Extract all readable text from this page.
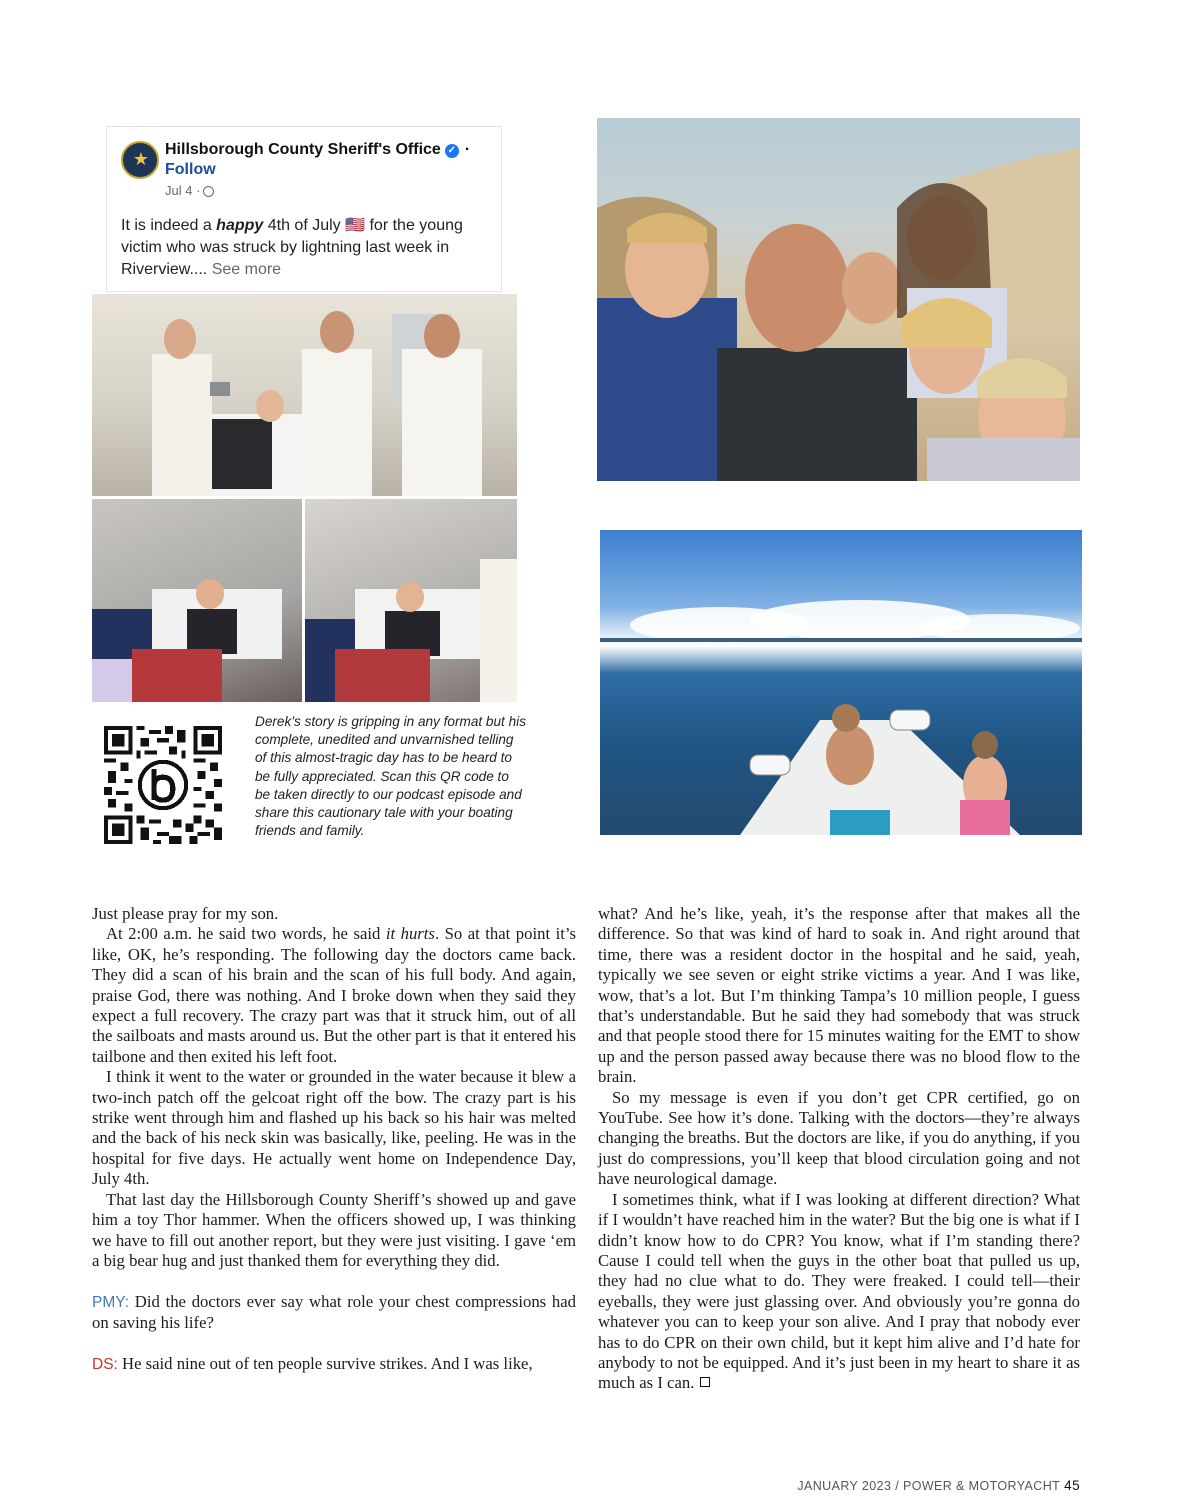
★ Hillsborough County Sheriff's Office ✓ ·
Follow
Jul 4 ·
It is indeed a happy 4th of July 🇺🇸 for the young victim who was struck by lightning last week in Riverview.... See more
Derek’s story is gripping in any format but his complete, unedited and unvarnished telling of this almost-tragic day has to be heard to be fully appreciated. Scan this QR code to be taken directly to our podcast episode and share this cautionary tale with your boating friends and family.

Just please pray for my son.

At 2:00 a.m. he said two words, he said it hurts. So at that point it’s like, OK, he’s responding. The following day the doctors came back. They did a scan of his brain and the scan of his full body. And again, praise God, there was nothing. And I broke down when they said they expect a full recovery. The crazy part was that it struck him, out of all the sailboats and masts around us. But the other part is that it entered his tailbone and then exited his left foot.

I think it went to the water or grounded in the water because it blew a two-inch patch off the gelcoat right off the bow. The crazy part is his strike went through him and flashed up his back so his hair was melted and the back of his neck skin was basically, like, peeling. He was in the hospital for five days. He actually went home on Independence Day, July 4th.

That last day the Hillsborough County Sheriff’s showed up and gave him a toy Thor hammer. When the officers showed up, I was thinking we have to fill out another report, but they were just visiting. I gave ‘em a big bear hug and just thanked them for everything they did.

PMY: Did the doctors ever say what role your chest compressions had on saving his life?

DS: He said nine out of ten people survive strikes. And I was like,

what? And he’s like, yeah, it’s the response after that makes all the difference. So that was kind of hard to soak in. And right around that time, there was a resident doctor in the hospital and he said, yeah, typically we see seven or eight strike victims a year. And I was like, wow, that’s a lot. But I’m thinking Tampa’s 10 million people, I guess that’s understandable. But he said they had somebody that was struck and that people stood there for 15 minutes waiting for the EMT to show up and the person passed away because there was no blood flow to the brain.

So my message is even if you don’t get CPR certified, go on YouTube. See how it’s done. Talking with the doctors—they’re always changing the breaths. But the doctors are like, if you do anything, if you just do compressions, you’ll keep that blood circulation going and not have neurological damage.

I sometimes think, what if I was looking at different direction? What if I wouldn’t have reached him in the water? But the big one is what if I didn’t know how to do CPR? You know, what if I’m standing there? Cause I could tell when the guys in the other boat that pulled us up, they had no clue what to do. They were freaked. I could tell—their eyeballs, they were just glassing over. And obviously you’re gonna do whatever you can to keep your son alive. And I pray that nobody ever has to do CPR on their own child, but it kept him alive and I’d hate for anybody to not be equipped. And it’s just been in my heart to share it as much as I can.

JANUARY 2023 / POWER & MOTORYACHT 45
